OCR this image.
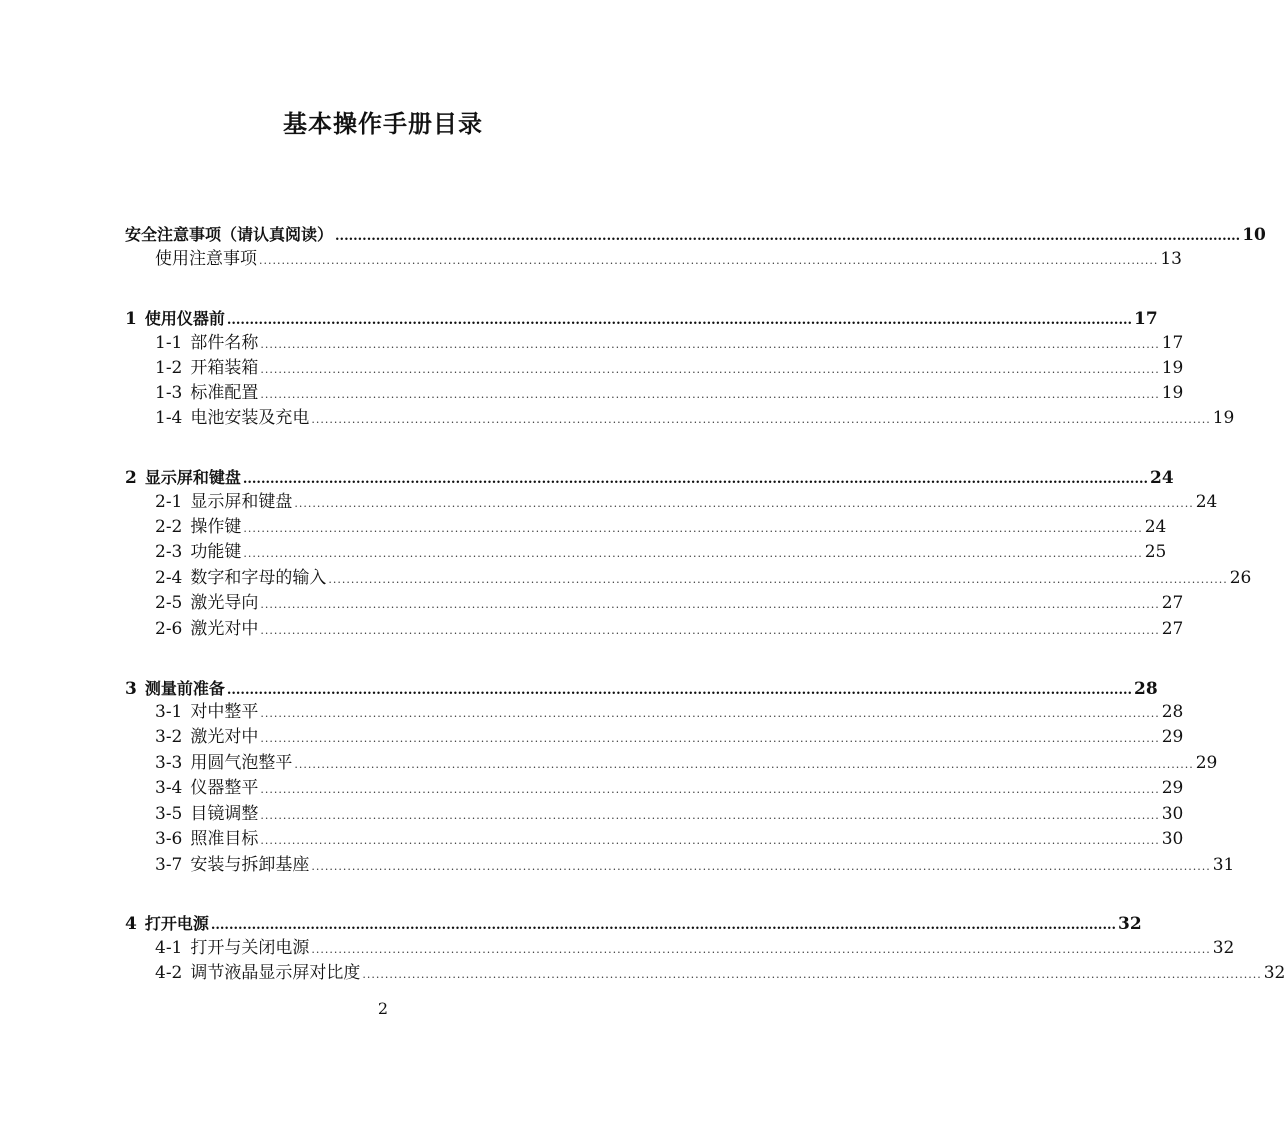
基本操作手册目录
安全注意事项（请认真阅读） ........................................................................................................................................................................................................ 10
使用注意事项 ........................................................................................................................................................................................................ 13
1 使用仪器前 ........................................................................................................................................................................................................ 17
1-1 部件名称 ........................................................................................................................................................................................................ 17
1-2 开箱装箱 ........................................................................................................................................................................................................ 19
1-3 标准配置 ........................................................................................................................................................................................................ 19
1-4 电池安装及充电 ........................................................................................................................................................................................................ 19
2 显示屏和键盘 ........................................................................................................................................................................................................ 24
2-1 显示屏和键盘 ........................................................................................................................................................................................................ 24
2-2 操作键 ........................................................................................................................................................................................................ 24
2-3 功能键 ........................................................................................................................................................................................................ 25
2-4 数字和字母的输入 ........................................................................................................................................................................................................ 26
2-5 激光导向 ........................................................................................................................................................................................................ 27
2-6 激光对中 ........................................................................................................................................................................................................ 27
3 测量前准备 ........................................................................................................................................................................................................ 28
3-1 对中整平 ........................................................................................................................................................................................................ 28
3-2 激光对中 ........................................................................................................................................................................................................ 29
3-3 用圆气泡整平 ........................................................................................................................................................................................................ 29
3-4 仪器整平 ........................................................................................................................................................................................................ 29
3-5 目镜调整 ........................................................................................................................................................................................................ 30
3-6 照准目标 ........................................................................................................................................................................................................ 30
3-7 安装与拆卸基座 ........................................................................................................................................................................................................ 31
4 打开电源 ........................................................................................................................................................................................................ 32
4-1 打开与关闭电源 ........................................................................................................................................................................................................ 32
4-2 调节液晶显示屏对比度 ........................................................................................................................................................................................................ 32
2
